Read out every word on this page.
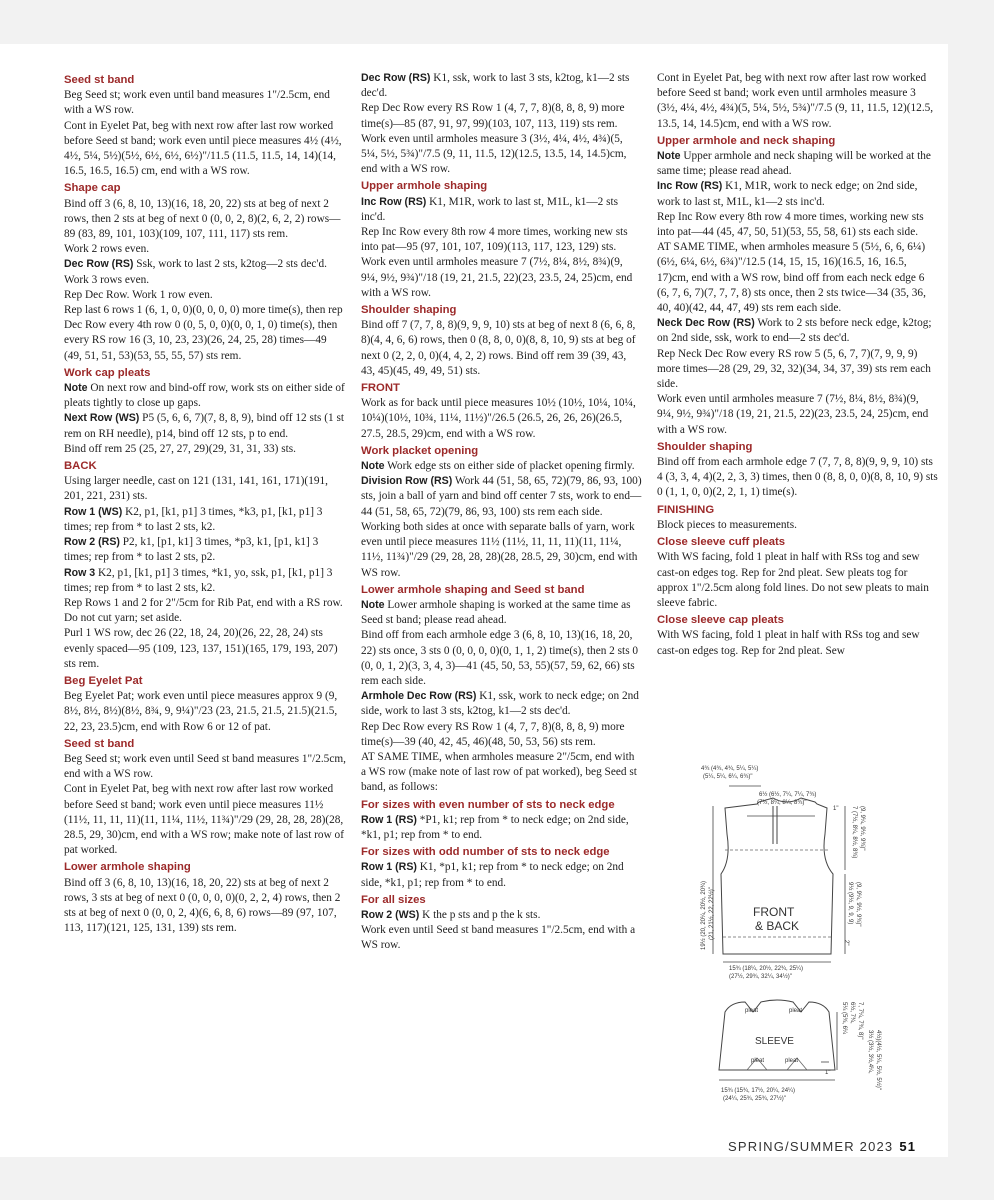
Seed st band

Beg Seed st; work even until band measures 1"/2.5cm, end with a WS row.

Cont in Eyelet Pat, beg with next row after last row worked before Seed st band; work even until piece measures 4½ (4½, 4½, 5¼, 5½)(5½, 6½, 6½, 6½)"/11.5 (11.5, 11.5, 14, 14)(14, 16.5, 16.5, 16.5) cm, end with a WS row.

Shape cap

Bind off 3 (6, 8, 10, 13)(16, 18, 20, 22) sts at beg of next 2 rows, then 2 sts at beg of next 0 (0, 0, 2, 8)(2, 6, 2, 2) rows—89 (83, 89, 101, 103)(109, 107, 111, 117) sts rem.

Work 2 rows even.

Dec Row (RS) Ssk, work to last 2 sts, k2tog—2 sts dec'd.

Work 3 rows even.

Rep Dec Row. Work 1 row even.

Rep last 6 rows 1 (6, 1, 0, 0)(0, 0, 0, 0) more time(s), then rep Dec Row every 4th row 0 (0, 5, 0, 0)(0, 0, 1, 0) time(s), then every RS row 16 (3, 10, 23, 23)(26, 24, 25, 28) times—49 (49, 51, 51, 53)(53, 55, 55, 57) sts rem.

Work cap pleats

Note On next row and bind-off row, work sts on either side of pleats tightly to close up gaps.

Next Row (WS) P5 (5, 6, 6, 7)(7, 8, 8, 9), bind off 12 sts (1 st rem on RH needle), p14, bind off 12 sts, p to end.

Bind off rem 25 (25, 27, 27, 29)(29, 31, 31, 33) sts.

BACK

Using larger needle, cast on 121 (131, 141, 161, 171)(191, 201, 221, 231) sts.

Row 1 (WS) K2, p1, [k1, p1] 3 times, *k3, p1, [k1, p1] 3 times; rep from * to last 2 sts, k2.

Row 2 (RS) P2, k1, [p1, k1] 3 times, *p3, k1, [p1, k1] 3 times; rep from * to last 2 sts, p2.

Row 3 K2, p1, [k1, p1] 3 times, *k1, yo, ssk, p1, [k1, p1] 3 times; rep from * to last 2 sts, k2.

Rep Rows 1 and 2 for 2"/5cm for Rib Pat, end with a RS row. Do not cut yarn; set aside.

Purl 1 WS row, dec 26 (22, 18, 24, 20)(26, 22, 28, 24) sts evenly spaced—95 (109, 123, 137, 151)(165, 179, 193, 207) sts rem.

Beg Eyelet Pat

Beg Eyelet Pat; work even until piece measures approx 9 (9, 8½, 8½, 8½)(8½, 8¾, 9, 9¼)"/23 (23, 21.5, 21.5, 21.5)(21.5, 22, 23, 23.5)cm, end with Row 6 or 12 of pat.

Seed st band

Beg Seed st; work even until Seed st band measures 1"/2.5cm, end with a WS row.

Cont in Eyelet Pat, beg with next row after last row worked before Seed st band; work even until piece measures 11½ (11½, 11, 11, 11)(11, 11¼, 11½, 11¾)"/29 (29, 28, 28, 28)(28, 28.5, 29, 30)cm, end with a WS row; make note of last row of pat worked.

Lower armhole shaping

Bind off 3 (6, 8, 10, 13)(16, 18, 20, 22) sts at beg of next 2 rows, 3 sts at beg of next 0 (0, 0, 0, 0)(0, 2, 2, 4) rows, then 2 sts at beg of next 0 (0, 0, 2, 4)(6, 6, 8, 6) rows—89 (97, 107, 113, 117)(121, 125, 131, 139) sts rem.

Dec Row (RS) K1, ssk, work to last 3 sts, k2tog, k1—2 sts dec'd.

Rep Dec Row every RS Row 1 (4, 7, 7, 8)(8, 8, 8, 9) more time(s)—85 (87, 91, 97, 99)(103, 107, 113, 119) sts rem.

Work even until armholes measure 3 (3½, 4¼, 4½, 4¾)(5, 5¼, 5½, 5¾)"/7.5 (9, 11, 11.5, 12)(12.5, 13.5, 14, 14.5)cm, end with a WS row.

Upper armhole shaping

Inc Row (RS) K1, M1R, work to last st, M1L, k1—2 sts inc'd.

Rep Inc Row every 8th row 4 more times, working new sts into pat—95 (97, 101, 107, 109)(113, 117, 123, 129) sts.

Work even until armholes measure 7 (7½, 8¼, 8½, 8¾)(9, 9¼, 9½, 9¾)"/18 (19, 21, 21.5, 22)(23, 23.5, 24, 25)cm, end with a WS row.

Shoulder shaping

Bind off 7 (7, 7, 8, 8)(9, 9, 9, 10) sts at beg of next 8 (6, 6, 8, 8)(4, 4, 6, 6) rows, then 0 (8, 8, 0, 0)(8, 8, 10, 9) sts at beg of next 0 (2, 2, 0, 0)(4, 4, 2, 2) rows. Bind off rem 39 (39, 43, 43, 45)(45, 49, 49, 51) sts.

FRONT

Work as for back until piece measures 10½ (10½, 10¼, 10¼, 10¼)(10½, 10¾, 11¼, 11½)"/26.5 (26.5, 26, 26, 26)(26.5, 27.5, 28.5, 29)cm, end with a WS row.

Work placket opening

Note Work edge sts on either side of placket opening firmly.

Division Row (RS) Work 44 (51, 58, 65, 72)(79, 86, 93, 100) sts, join a ball of yarn and bind off center 7 sts, work to end—44 (51, 58, 65, 72)(79, 86, 93, 100) sts rem each side. Working both sides at once with separate balls of yarn, work even until piece measures 11½ (11½, 11, 11, 11)(11, 11¼, 11½, 11¾)"/29 (29, 28, 28, 28)(28, 28.5, 29, 30)cm, end with WS row.

Lower armhole shaping and Seed st band

Note Lower armhole shaping is worked at the same time as Seed st band; please read ahead.

Bind off from each armhole edge 3 (6, 8, 10, 13)(16, 18, 20, 22) sts once, 3 sts 0 (0, 0, 0, 0)(0, 1, 1, 2) time(s), then 2 sts 0 (0, 0, 1, 2)(3, 3, 4, 3)—41 (45, 50, 53, 55)(57, 59, 62, 66) sts rem each side.

Armhole Dec Row (RS) K1, ssk, work to neck edge; on 2nd side, work to last 3 sts, k2tog, k1—2 sts dec'd.

Rep Dec Row every RS Row 1 (4, 7, 7, 8)(8, 8, 8, 9) more time(s)—39 (40, 42, 45, 46)(48, 50, 53, 56) sts rem.

AT SAME TIME, when armholes measure 2"/5cm, end with a WS row (make note of last row of pat worked), beg Seed st band, as follows:

For sizes with even number of sts to neck edge

Row 1 (RS) *P1, k1; rep from * to neck edge; on 2nd side, *k1, p1; rep from * to end.

For sizes with odd number of sts to neck edge

Row 1 (RS) K1, *p1, k1; rep from * to neck edge; on 2nd side, *k1, p1; rep from * to end.

For all sizes

Row 2 (WS) K the p sts and p the k sts.

Work even until Seed st band measures 1"/2.5cm, end with a WS row.

Cont in Eyelet Pat, beg with next row after last row worked before Seed st band; work even until armholes measure 3 (3½, 4¼, 4½, 4¾)(5, 5¼, 5½, 5¾)"/7.5 (9, 11, 11.5, 12)(12.5, 13.5, 14, 14.5)cm, end with a WS row.

Upper armhole and neck shaping

Note Upper armhole and neck shaping will be worked at the same time; please read ahead.

Inc Row (RS) K1, M1R, work to neck edge; on 2nd side, work to last st, M1L, k1—2 sts inc'd.

Rep Inc Row every 8th row 4 more times, working new sts into pat—44 (45, 47, 50, 51)(53, 55, 58, 61) sts each side.

AT SAME TIME, when armholes measure 5 (5½, 6, 6, 6¼)(6½, 6¼, 6½, 6¾)"/12.5 (14, 15, 15, 16)(16.5, 16, 16.5, 17)cm, end with a WS row, bind off from each neck edge 6 (6, 7, 6, 7)(7, 7, 7, 8) sts once, then 2 sts twice—34 (35, 36, 40, 40)(42, 44, 47, 49) sts rem each side.

Neck Dec Row (RS) Work to 2 sts before neck edge, k2tog; on 2nd side, ssk, work to end—2 sts dec'd.

Rep Neck Dec Row every RS row 5 (5, 6, 7, 7)(7, 9, 9, 9) more times—28 (29, 29, 32, 32)(34, 34, 37, 39) sts rem each side.

Work even until armholes measure 7 (7½, 8¼, 8½, 8¾)(9, 9¼, 9½, 9¾)"/18 (19, 21, 21.5, 22)(23, 23.5, 24, 25)cm, end with a WS row.

Shoulder shaping

Bind off from each armhole edge 7 (7, 7, 8, 8)(9, 9, 9, 10) sts 4 (3, 3, 4, 4)(2, 2, 3, 3) times, then 0 (8, 8, 0, 0)(8, 8, 10, 9) sts 0 (1, 1, 0, 0)(2, 2, 1, 1) time(s).

FINISHING

Block pieces to measurements.

Close sleeve cuff pleats

With WS facing, fold 1 pleat in half with RSs tog and sew cast-on edges tog. Rep for 2nd pleat. Sew pleats tog for approx 1"/2.5cm along fold lines. Do not sew pleats to main sleeve fabric.

Close sleeve cap pleats

With WS facing, fold 1 pleat in half with RSs tog and sew cast-on edges tog. Rep for 2nd pleat. Sew

4¾ (4¾, 4¾, 5¼, 5¼)
(5¼, 5¼, 6¼, 6¾)"
6½ (6½, 7¼, 7¼, 7¾)
(7½, 8¼, 8¼, 8¾)"
1" 7 (7½, 8¼, 8½, 8¾) (9, 9¼, 9½, 9¾)"
19½ (20, 20¼, 20½, 20¾) (21, 21½, 22, 22½)"	FRONT
& BACK
9½ (9½, 9, 9, 9) (9, 9¼, 9½, 9¾)"
2"
15¾ (18¼, 20½, 22¾, 25¼)
(27½, 29¾, 32¼, 34½)"
pleat	pleat
SLEEVE
pleat	pleat
5¼ (5¾, 6¼ 6½, 7¾, 7, 7¼, 7¾, 8)"
3½ (3½, 3½,4¼, 4½)(4½, 5¼, 5½, 5½)"
1"
15¾ (15¾, 17½, 20¼, 24¼)
(24¼, 25¾, 25¾, 27½)"
SPRING/SUMMER 2023 51
